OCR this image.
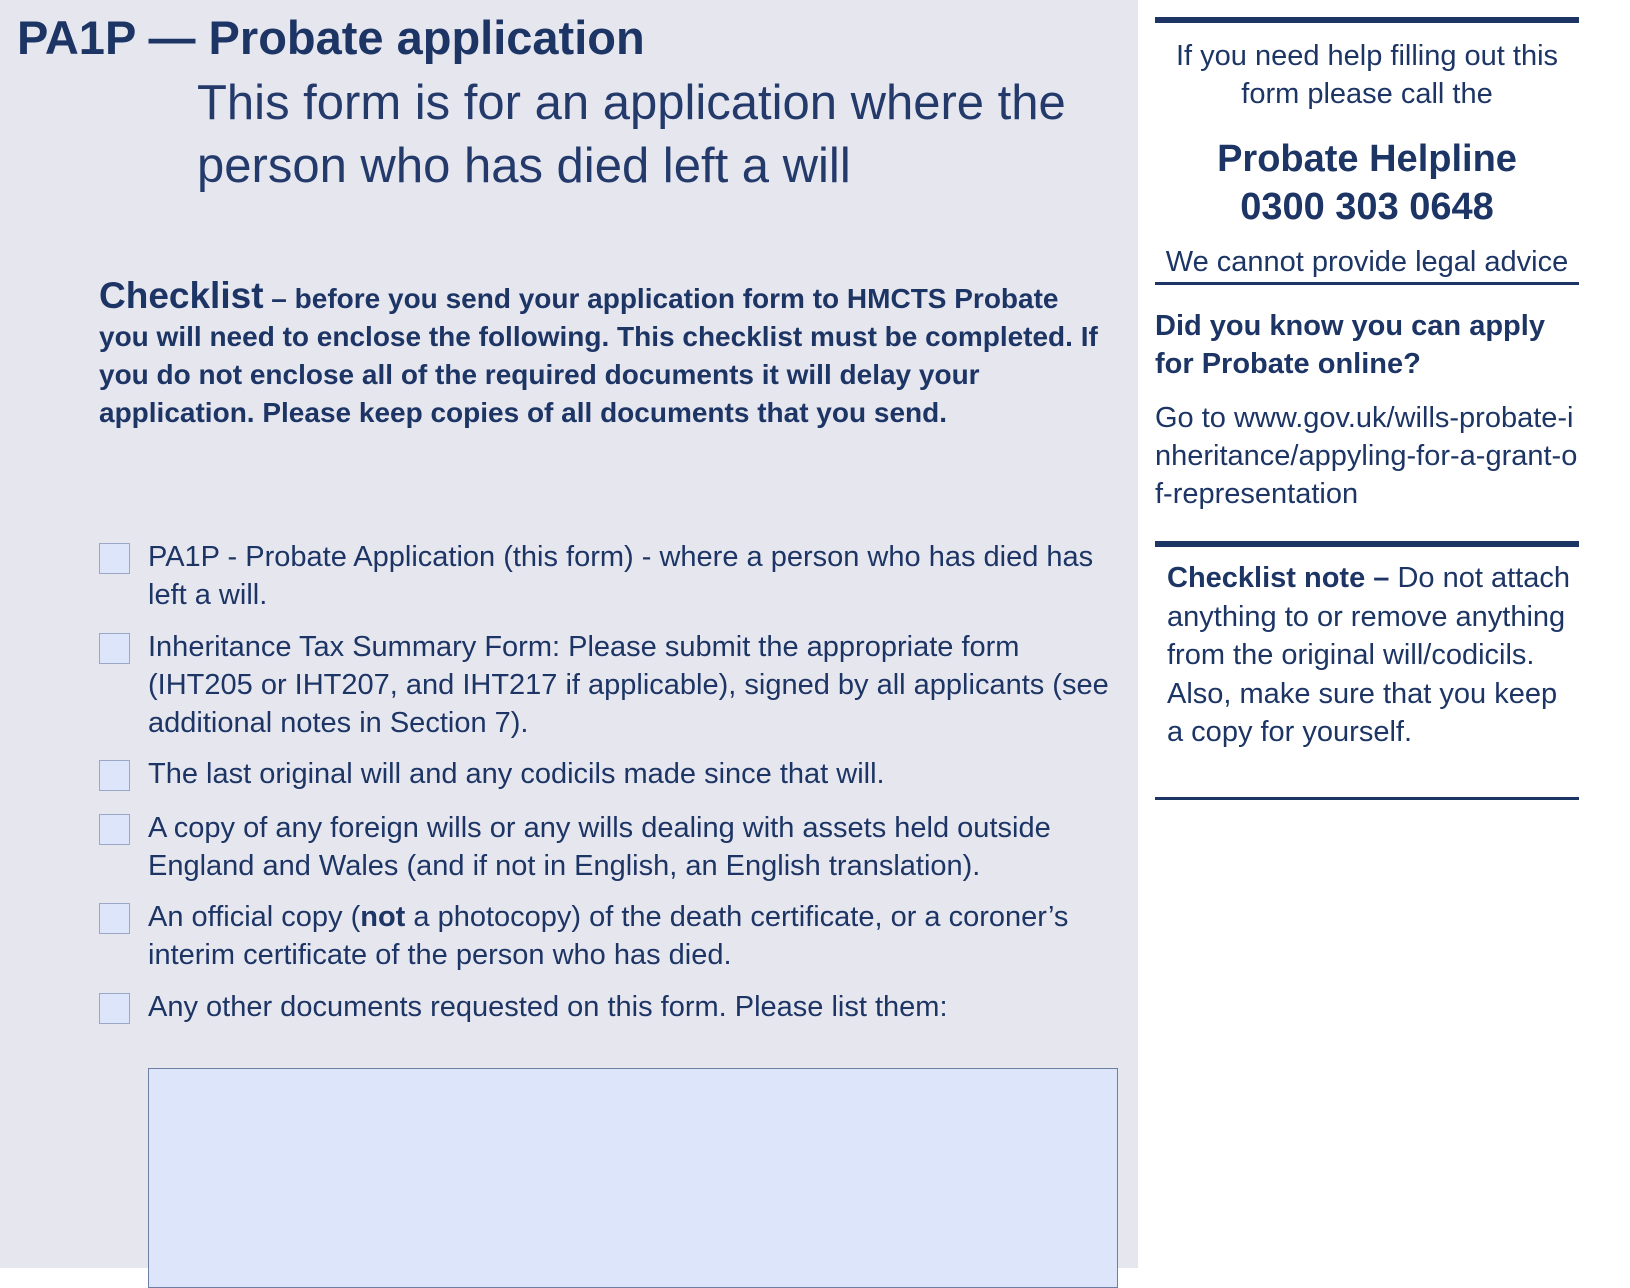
PA1P — Probate application
This form is for an application where the person who has died left a will

Checklist – before you send your application form to HMCTS Probate you will need to enclose the following. This checklist must be completed. If you do not enclose all of the required documents it will delay your application. Please keep copies of all documents that you send.

PA1P - Probate Application (this form) - where a person who has died has left a will.
Inheritance Tax Summary Form: Please submit the appropriate form (IHT205 or IHT207, and IHT217 if applicable), signed by all applicants (see additional notes in Section 7).
The last original will and any codicils made since that will.
A copy of any foreign wills or any wills dealing with assets held outside England and Wales (and if not in English, an English translation).
An official copy (not a photocopy) of the death certificate, or a coroner’s interim certificate of the person who has died.
Any other documents requested on this form. Please list them:
If you need help filling out this form please call the
Probate Helpline
0300 303 0648
We cannot provide legal advice
Did you know you can apply for Probate online?
Go to www.gov.uk/wills-probate-inheritance/appyling-for-a-grant-of-representation
Checklist note – Do not attach anything to or remove anything from the original will/codicils. Also, make sure that you keep a copy for yourself.
